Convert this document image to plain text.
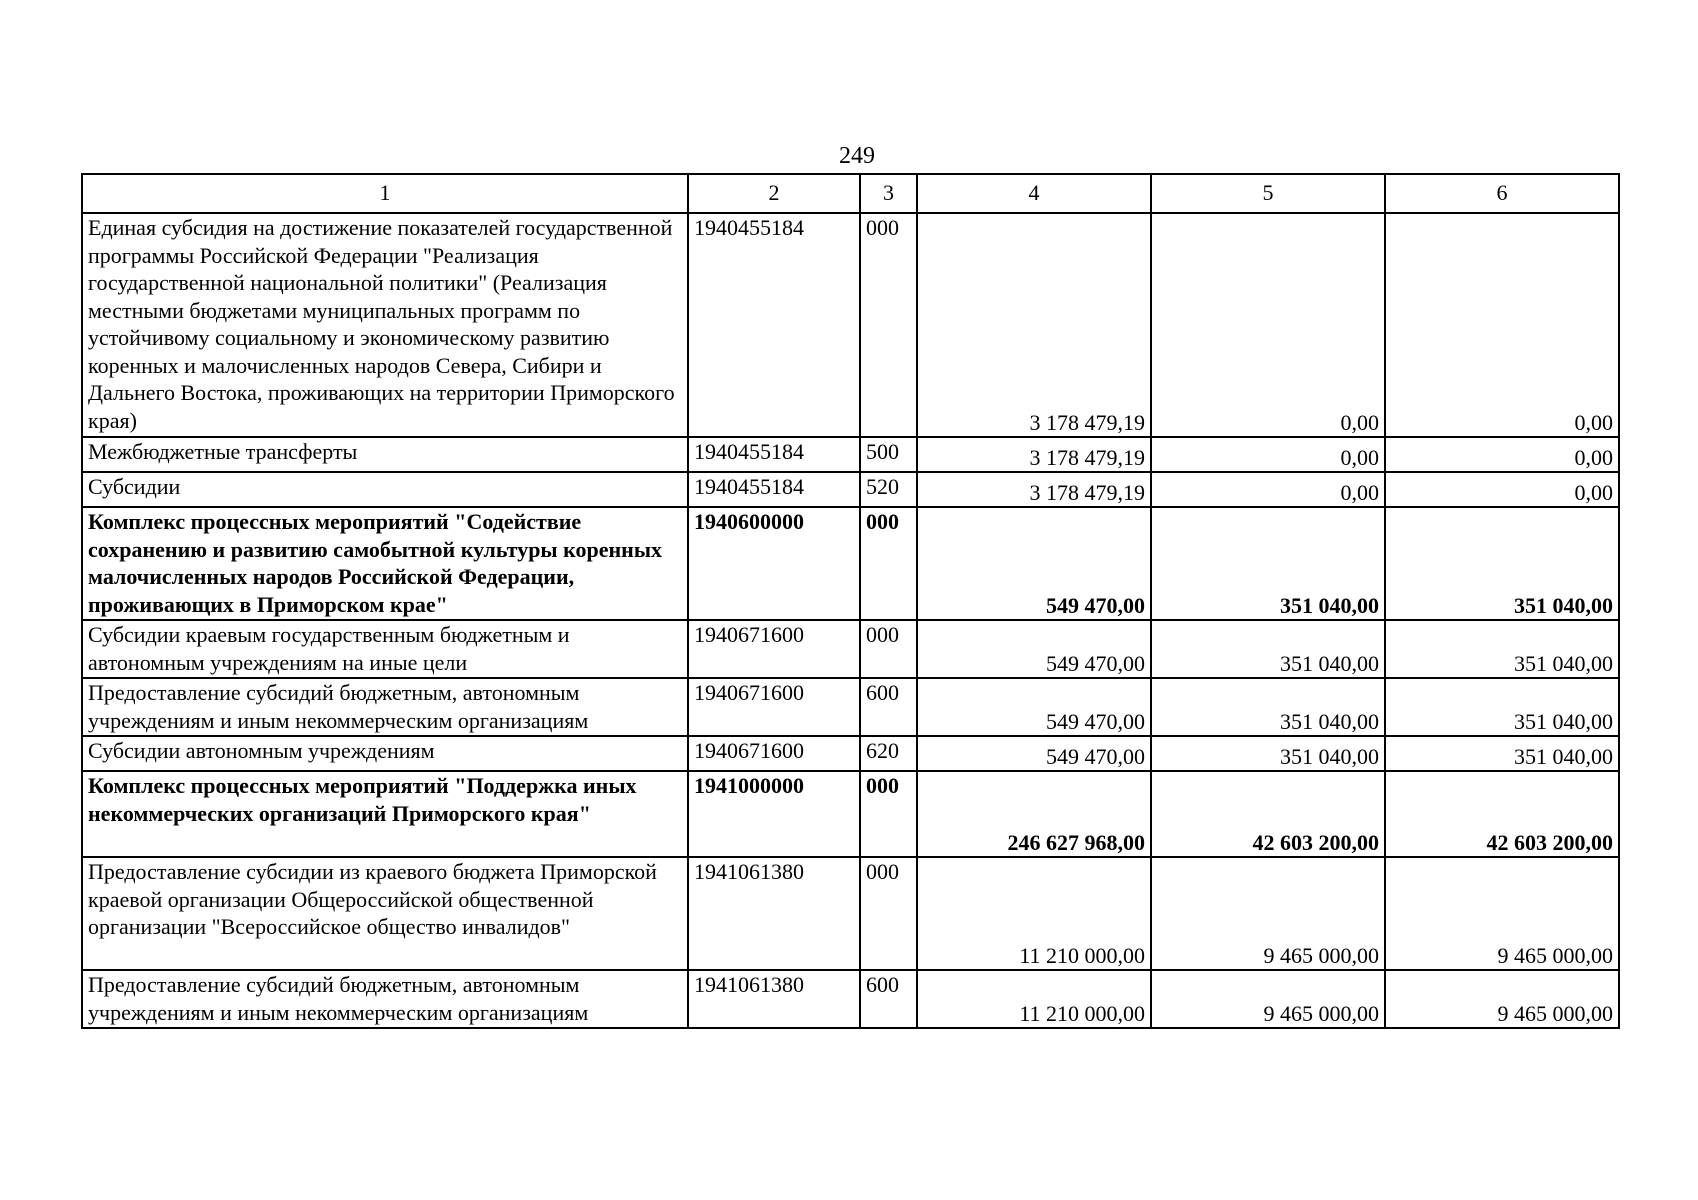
249
1	2	3	4	5	6
Единая субсидия на достижение показателей государственной программы Российской Федерации "Реализация государственной национальной политики" (Реализация местными бюджетами муниципальных программ по устойчивому социальному и экономическому развитию коренных и малочисленных народов Севера, Сибири и Дальнего Востока, проживающих на территории Приморского края)	1940455184	000	3 178 479,19	0,00	0,00
Межбюджетные трансферты	1940455184	500	3 178 479,19	0,00	0,00
Субсидии	1940455184	520	3 178 479,19	0,00	0,00
Комплекс процессных мероприятий "Содействие сохранению и развитию самобытной культуры коренных малочисленных народов Российской Федерации, проживающих в Приморском крае"	1940600000	000	549 470,00	351 040,00	351 040,00
Субсидии краевым государственным бюджетным и автономным учреждениям на иные цели	1940671600	000	549 470,00	351 040,00	351 040,00
Предоставление субсидий бюджетным, автономным учреждениям и иным некоммерческим организациям	1940671600	600	549 470,00	351 040,00	351 040,00
Субсидии автономным учреждениям	1940671600	620	549 470,00	351 040,00	351 040,00
Комплекс процессных мероприятий "Поддержка иных некоммерческих организаций Приморского края"	1941000000	000	246 627 968,00	42 603 200,00	42 603 200,00
Предоставление субсидии из краевого бюджета Приморской краевой организации Общероссийской общественной организации "Всероссийское общество инвалидов"	1941061380	000	11 210 000,00	9 465 000,00	9 465 000,00
Предоставление субсидий бюджетным, автономным учреждениям и иным некоммерческим организациям	1941061380	600	11 210 000,00	9 465 000,00	9 465 000,00
